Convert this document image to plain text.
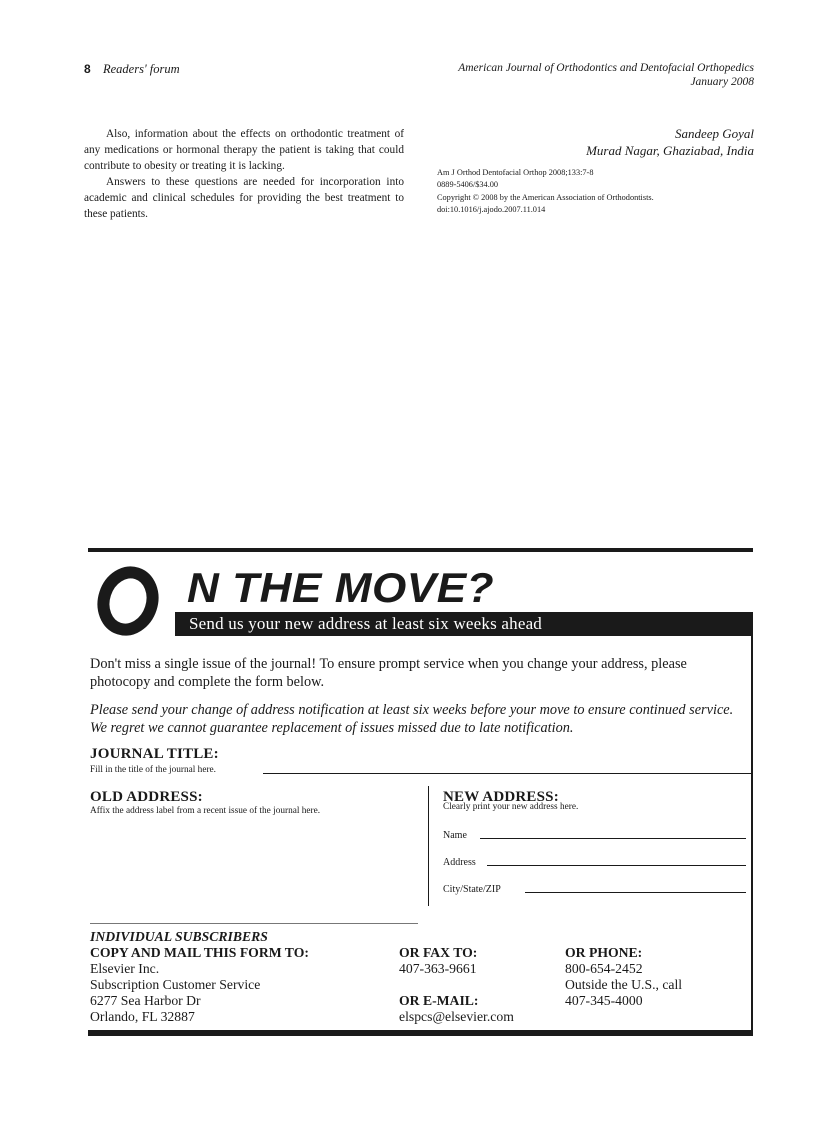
8 Readers' forum	American Journal of Orthodontics and Dentofacial Orthopedics
January 2008

Also, information about the effects on orthodontic treatment of any medications or hormonal therapy the patient is taking that could contribute to obesity or treating it is lacking.

Answers to these questions are needed for incorporation into academic and clinical schedules for providing the best treatment to these patients.

Sandeep Goyal
Murad Nagar, Ghaziabad, India
Am J Orthod Dentofacial Orthop 2008;133:7-8
0889-5406/$34.00
Copyright © 2008 by the American Association of Orthodontists.
doi:10.1016/j.ajodo.2007.11.014
N THE MOVE?
Send us your new address at least six weeks ahead
Don't miss a single issue of the journal! To ensure prompt service when you change your address, please photocopy and complete the form below.
Please send your change of address notification at least six weeks before your move to ensure continued service. We regret we cannot guarantee replacement of issues missed due to late notification.
JOURNAL TITLE:
Fill in the title of the journal here.
OLD ADDRESS:
Affix the address label from a recent issue of the journal here.
NEW ADDRESS:
Clearly print your new address here.
Name
Address
City/State/ZIP
INDIVIDUAL SUBSCRIBERS
COPY AND MAIL THIS FORM TO:
Elsevier Inc.
Subscription Customer Service
6277 Sea Harbor Dr
Orlando, FL 32887
OR FAX TO:
407-363-9661
OR E-MAIL:
elspcs@elsevier.com
OR PHONE:
800-654-2452
Outside the U.S., call
407-345-4000
